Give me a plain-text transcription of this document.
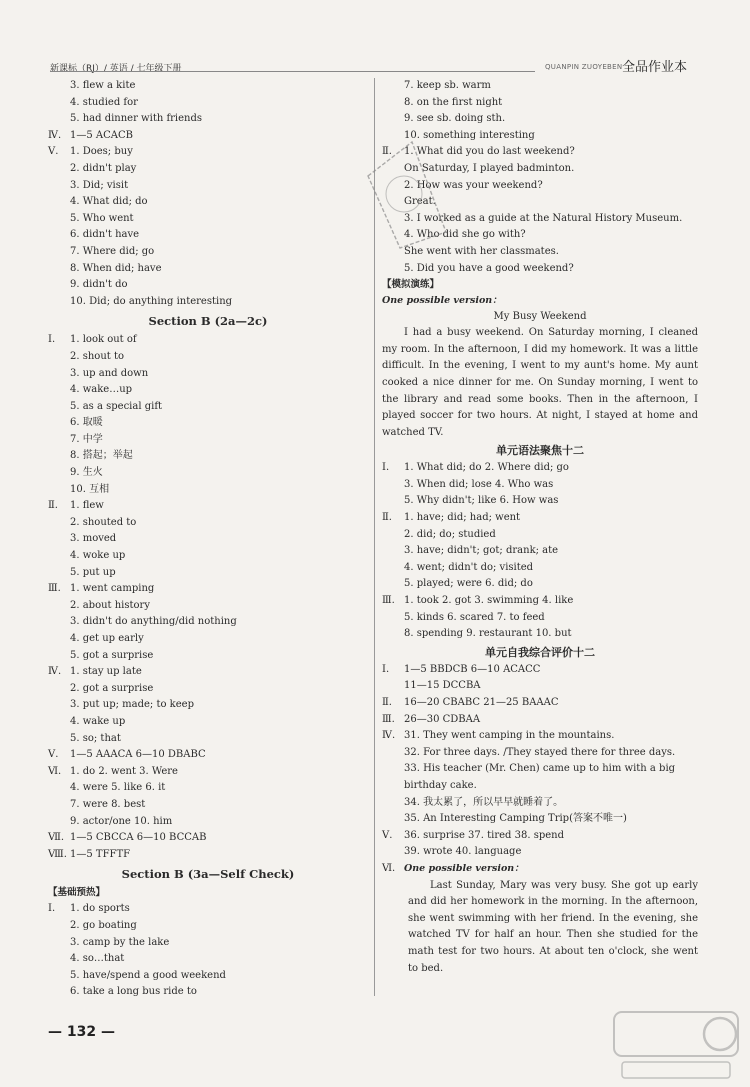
新课标（RJ）/ 英语 / 七年级下册	QUANPIN ZUOYEBEN 全品作业本
3. flew a kite
4. studied for
5. had dinner with friends
Ⅳ. 1—5 ACACB
Ⅴ. 1. Does; buy
2. didn't play
3. Did; visit
4. What did; do
5. Who went
6. didn't have
7. Where did; go
8. When did; have
9. didn't do
10. Did; do anything interesting
Section B (2a—2c)
Ⅰ. 1. look out of
2. shout to
3. up and down
4. wake…up
5. as a special gift
6. 取暖
7. 中学
8. 搭起；举起
9. 生火
10. 互相
Ⅱ. 1. flew
2. shouted to
3. moved
4. woke up
5. put up
Ⅲ. 1. went camping
2. about history
3. didn't do anything/did nothing
4. get up early
5. got a surprise
Ⅳ. 1. stay up late
2. got a surprise
3. put up; made; to keep
4. wake up
5. so; that
Ⅴ. 1—5 AAACA 6—10 DBABC
Ⅵ. 1. do 2. went 3. Were
4. were 5. like 6. it
7. were 8. best
9. actor/one 10. him
Ⅶ. 1—5 CBCCA 6—10 BCCAB
Ⅷ. 1—5 TFFTF
Section B (3a—Self Check)
【基础预热】
Ⅰ. 1. do sports
2. go boating
3. camp by the lake
4. so…that
5. have/spend a good weekend
6. take a long bus ride to
7. keep sb. warm
8. on the first night
9. see sb. doing sth.
10. something interesting
Ⅱ. 1. What did you do last weekend?
On Saturday, I played badminton.
2. How was your weekend?
Great.
3. I worked as a guide at the Natural History Museum.
4. Who did she go with?
She went with her classmates.
5. Did you have a good weekend?
【模拟演练】
One possible version：
My Busy Weekend
I had a busy weekend. On Saturday morning, I cleaned my room. In the afternoon, I did my homework. It was a little difficult. In the evening, I went to my aunt's home. My aunt cooked a nice dinner for me. On Sunday morning, I went to the library and read some books. Then in the afternoon, I played soccer for two hours. At night, I stayed at home and watched TV.
单元语法聚焦十二
Ⅰ. 1. What did; do 2. Where did; go
3. When did; lose 4. Who was
5. Why didn't; like 6. How was
Ⅱ. 1. have; did; had; went
2. did; do; studied
3. have; didn't; got; drank; ate
4. went; didn't do; visited
5. played; were 6. did; do
Ⅲ. 1. took 2. got 3. swimming 4. like
5. kinds 6. scared 7. to feed
8. spending 9. restaurant 10. but
单元自我综合评价十二
Ⅰ. 1—5 BBDCB 6—10 ACACC
11—15 DCCBA
Ⅱ. 16—20 CBABC 21—25 BAAAC
Ⅲ. 26—30 CDBAA
Ⅳ. 31. They went camping in the mountains.
32. For three days. /They stayed there for three days.
33. His teacher (Mr. Chen) came up to him with a big
birthday cake.
34. 我太累了，所以早早就睡着了。
35. An Interesting Camping Trip(答案不唯一)
Ⅴ. 36. surprise 37. tired 38. spend
39. wrote 40. language
Ⅵ. One possible version：
Last Sunday, Mary was very busy. She got up early and did her homework in the morning. In the afternoon, she went swimming with her friend. In the evening, she watched TV for half an hour. Then she studied for the math test for two hours. At about ten o'clock, she went to bed.
— 132 —
